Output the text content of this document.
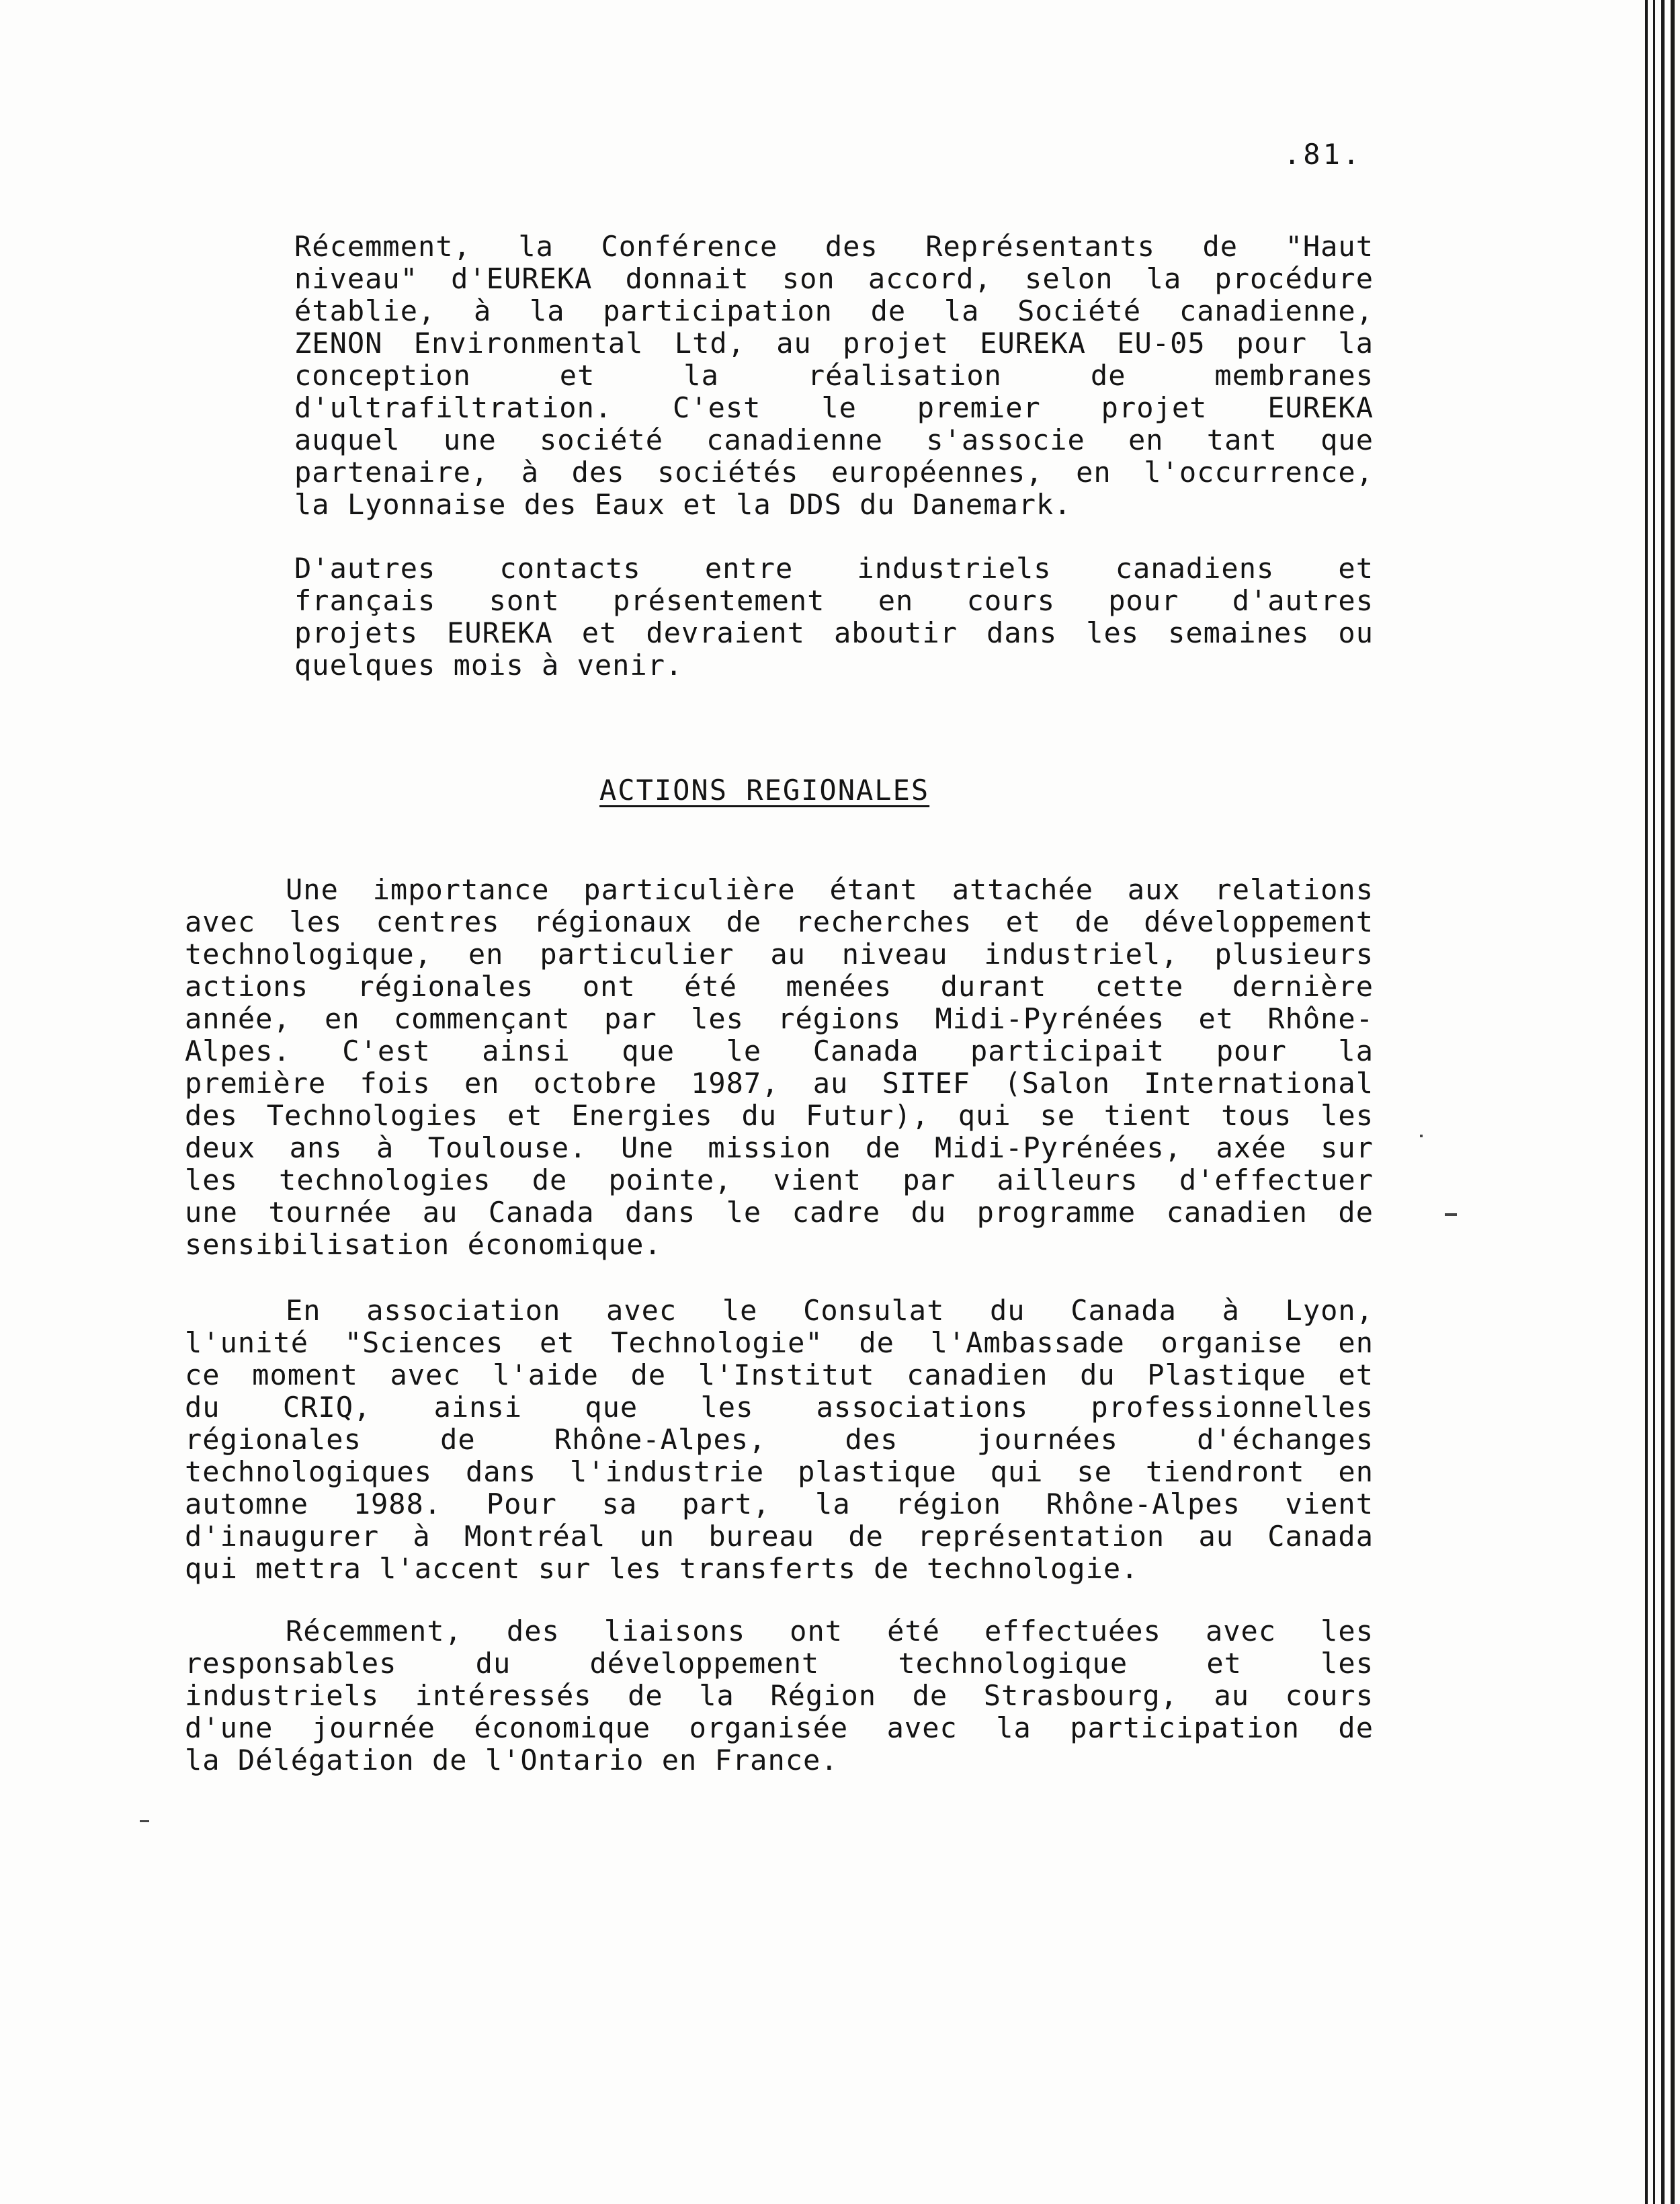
.81.
Récemment, la Conférence des Représentants de "Haut
niveau" d'EUREKA donnait son accord, selon la procédure
établie, à la participation de la Société canadienne,
ZENON Environmental Ltd, au projet EUREKA EU-05 pour la
conception et la réalisation de membranes
d'ultrafiltration. C'est le premier projet EUREKA
auquel une société canadienne s'associe en tant que
partenaire, à des sociétés européennes, en l'occurrence,
la Lyonnaise des Eaux et la DDS du Danemark.
D'autres contacts entre industriels canadiens et
français sont présentement en cours pour d'autres
projets EUREKA et devraient aboutir dans les semaines ou
quelques mois à venir.
ACTIONS REGIONALES
Une importance particulière étant attachée aux relations
avec les centres régionaux de recherches et de développement
technologique, en particulier au niveau industriel, plusieurs
actions régionales ont été menées durant cette dernière
année, en commençant par les régions Midi-Pyrénées et Rhône-
Alpes. C'est ainsi que le Canada participait pour la
première fois en octobre 1987, au SITEF (Salon International
des Technologies et Energies du Futur), qui se tient tous les
deux ans à Toulouse. Une mission de Midi-Pyrénées, axée sur
les technologies de pointe, vient par ailleurs d'effectuer
une tournée au Canada dans le cadre du programme canadien de
sensibilisation économique.
En association avec le Consulat du Canada à Lyon,
l'unité "Sciences et Technologie" de l'Ambassade organise en
ce moment avec l'aide de l'Institut canadien du Plastique et
du CRIQ, ainsi que les associations professionnelles
régionales de Rhône-Alpes, des journées d'échanges
technologiques dans l'industrie plastique qui se tiendront en
automne 1988. Pour sa part, la région Rhône-Alpes vient
d'inaugurer à Montréal un bureau de représentation au Canada
qui mettra l'accent sur les transferts de technologie.
Récemment, des liaisons ont été effectuées avec les
responsables du développement technologique et les
industriels intéressés de la Région de Strasbourg, au cours
d'une journée économique organisée avec la participation de
la Délégation de l'Ontario en France.
